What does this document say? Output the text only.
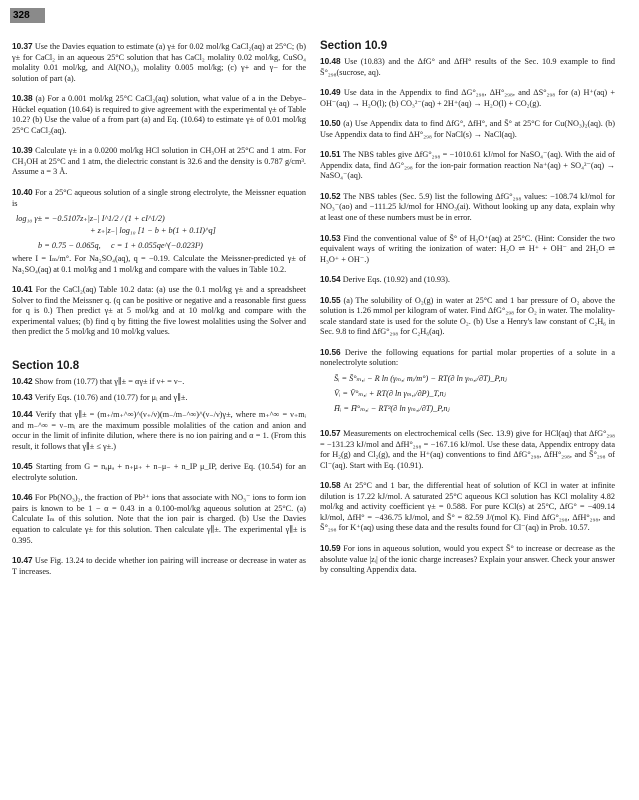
328

10.37 Use the Davies equation to estimate (a) γ± for 0.02 mol/kg CaCl₂(aq) at 25°C; (b) γ± for CaCl₂ in an aqueous 25°C solution that has CaCl₂ molality 0.02 mol/kg, CuSO₄ molality 0.01 mol/kg, and Al(NO₃)₃ molality 0.005 mol/kg; (c) γ+ and γ− for the solution of part (a).

10.38 (a) For a 0.001 mol/kg 25°C CaCl₂(aq) solution, what value of a in the Debye–Hückel equation (10.64) is required to give agreement with the experimental γ± of Table 10.2? (b) Use the value of a from part (a) and Eq. (10.64) to estimate γ± of 0.01 mol/kg 25°C CaCl₂(aq).

10.39 Calculate γ± in a 0.0200 mol/kg HCl solution in CH₃OH at 25°C and 1 atm. For CH₃OH at 25°C and 1 atm, the dielectric constant is 32.6 and the density is 0.787 g/cm³. Assume a = 3 Å.

10.40 For a 25°C aqueous solution of a single strong electrolyte, the Meissner equation is

log₁₀ γ± = −0.5107z₊|z₋| I^1/2 / (1 + cI^1/2)
+ z₊|z₋| log₁₀ [1 − b + b(1 + 0.1I)^q]
b = 0.75 − 0.065q,     c = 1 + 0.055qe^(−0.023I³)

where I = Iₘ/m°. For Na₂SO₄(aq), q = −0.19. Calculate the Meissner-predicted γ± of Na₂SO₄(aq) at 0.1 mol/kg and 1 mol/kg and compare with the values in Table 10.2.

10.41 For the CaCl₂(aq) Table 10.2 data: (a) use the 0.1 mol/kg γ± and a spreadsheet Solver to find the Meissner q. (q can be positive or negative and a reasonable first guess for q is 0.) Then predict γ± at 5 mol/kg and at 10 mol/kg and compare with the experimental values; (b) find q by fitting the five lowest molalities using the Solver and then predict the 5 mol/kg and 10 mol/kg values.

Section 10.8

10.42 Show from (10.77) that γ∥± = αγ± if ν+ = ν−.

10.43 Verify Eqs. (10.76) and (10.77) for μᵢ and γ∥±.

10.44 Verify that γ∥± = (m₊/m₊^∞)^(ν₊/ν)(m₋/m₋^∞)^(ν₋/ν)γ±, where m₊^∞ = ν₊mᵢ and m₋^∞ = ν₋mᵢ are the maximum possible molalities of the cation and anion and occur in the limit of infinite dilution, where there is no ion pairing and α = 1. (From this result, it follows that γ∥± ≤ γ±.)

10.45 Starting from G = nₐμₐ + n₊μ₊ + n₋μ₋ + n_IP μ_IP, derive Eq. (10.54) for an electrolyte solution.

10.46 For Pb(NO₃)₂, the fraction of Pb²⁺ ions that associate with NO₃⁻ ions to form ion pairs is known to be 1 − α = 0.43 in a 0.100-mol/kg aqueous solution at 25°C. (a) Calculate Iₘ of this solution. Note that the ion pair is charged. (b) Use the Davies equation to calculate γ± for this solution. Then calculate γ∥±. The experimental γ∥± is 0.395.

10.47 Use Fig. 13.24 to decide whether ion pairing will increase or decrease in water as T increases.

Section 10.9

10.48 Use (10.83) and the ΔfG° and ΔfH° results of the Sec. 10.9 example to find S̄°₂₉₈(sucrose, aq).

10.49 Use data in the Appendix to find ΔG°₂₉₈, ΔH°₂₉₈, and ΔS°₂₉₈ for (a) H⁺(aq) + OH⁻(aq) → H₂O(l); (b) CO₃²⁻(aq) + 2H⁺(aq) → H₂O(l) + CO₂(g).

10.50 (a) Use Appendix data to find ΔfG°, ΔfH°, and S̄° at 25°C for Cu(NO₃)₂(aq). (b) Use Appendix data to find ΔH°₂₉₈ for NaCl(s) → NaCl(aq).

10.51 The NBS tables give ΔfG°₂₉₈ = −1010.61 kJ/mol for NaSO₄⁻(aq). With the aid of Appendix data, find ΔG°₂₉₈ for the ion-pair formation reaction Na⁺(aq) + SO₄²⁻(aq) → NaSO₄⁻(aq).

10.52 The NBS tables (Sec. 5.9) list the following ΔfG°₂₉₈ values: −108.74 kJ/mol for NO₃⁻(ao) and −111.25 kJ/mol for HNO₃(ai). Without looking up any data, explain why at least one of these numbers must be in error.

10.53 Find the conventional value of S̄° of H₃O⁺(aq) at 25°C. (Hint: Consider the two equivalent ways of writing the ionization of water: H₂O ⇌ H⁺ + OH⁻ and 2H₂O ⇌ H₃O⁺ + OH⁻.)

10.54 Derive Eqs. (10.92) and (10.93).

10.55 (a) The solubility of O₂(g) in water at 25°C and 1 bar pressure of O₂ above the solution is 1.26 mmol per kilogram of water. Find ΔfG°₂₉₈ for O₂ in water. The molality-scale standard state is used for the solute O₂. (b) Use a Henry's law constant of C₂H₆ in Sec. 9.8 to find ΔfG°₂₉₈ for C₂H₆(aq).

10.56 Derive the following equations for partial molar properties of a solute in a nonelectrolyte solution:

S̄ᵢ = S̄°ₘ,ᵢ − R ln (γₘ,ᵢ mᵢ/m°) − RT(∂ ln γₘ,ᵢ/∂T)_P,nⱼ
V̄ᵢ = V̄°ₘ,ᵢ + RT(∂ ln γₘ,ᵢ/∂P)_T,nⱼ
H̄ᵢ = H̄°ₘ,ᵢ − RT²(∂ ln γₘ,ᵢ/∂T)_P,nⱼ

10.57 Measurements on electrochemical cells (Sec. 13.9) give for HCl(aq) that ΔfG°₂₉₈ = −131.23 kJ/mol and ΔfH°₂₉₈ = −167.16 kJ/mol. Use these data, Appendix entropy data for H₂(g) and Cl₂(g), and the H⁺(aq) conventions to find ΔfG°₂₉₈, ΔfH°₂₉₈, and S̄°₂₉₈ of Cl⁻(aq). Start with Eq. (10.91).

10.58 At 25°C and 1 bar, the differential heat of solution of KCl in water at infinite dilution is 17.22 kJ/mol. A saturated 25°C aqueous KCl solution has KCl molality 4.82 mol/kg and activity coefficient γ± = 0.588. For pure KCl(s) at 25°C, ΔfG° = −409.14 kJ/mol, ΔfH° = −436.75 kJ/mol, and S̄° = 82.59 J/(mol K). Find ΔfG°₂₉₈, ΔfH°₂₉₈, and S̄°₂₉₈ for K⁺(aq) using these data and the results found for Cl⁻(aq) in Prob. 10.57.

10.59 For ions in aqueous solution, would you expect S̄° to increase or decrease as the absolute value |zᵢ| of the ionic charge increases? Explain your answer. Check your answer by consulting Appendix data.
